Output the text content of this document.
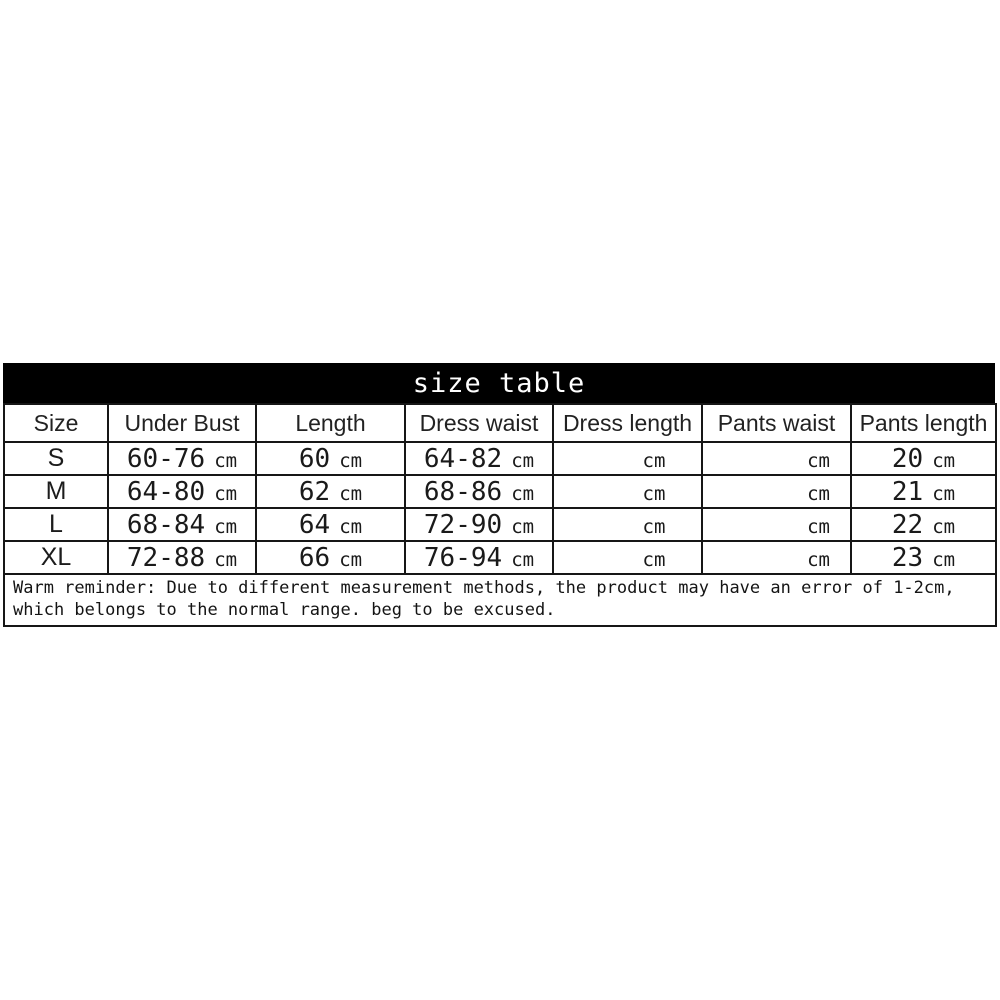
size table
Size	Under Bust	Length	Dress waist	Dress length	Pants waist	Pants length
S	60-76 cm	60 cm	64-82 cm	cm	cm	20 cm
M	64-80 cm	62 cm	68-86 cm	cm	cm	21 cm
L	68-84 cm	64 cm	72-90 cm	cm	cm	22 cm
XL	72-88 cm	66 cm	76-94 cm	cm	cm	23 cm

Warm reminder: Due to different measurement methods, the product may have an error of 1-2cm,
which belongs to the normal range. beg to be excused.						
